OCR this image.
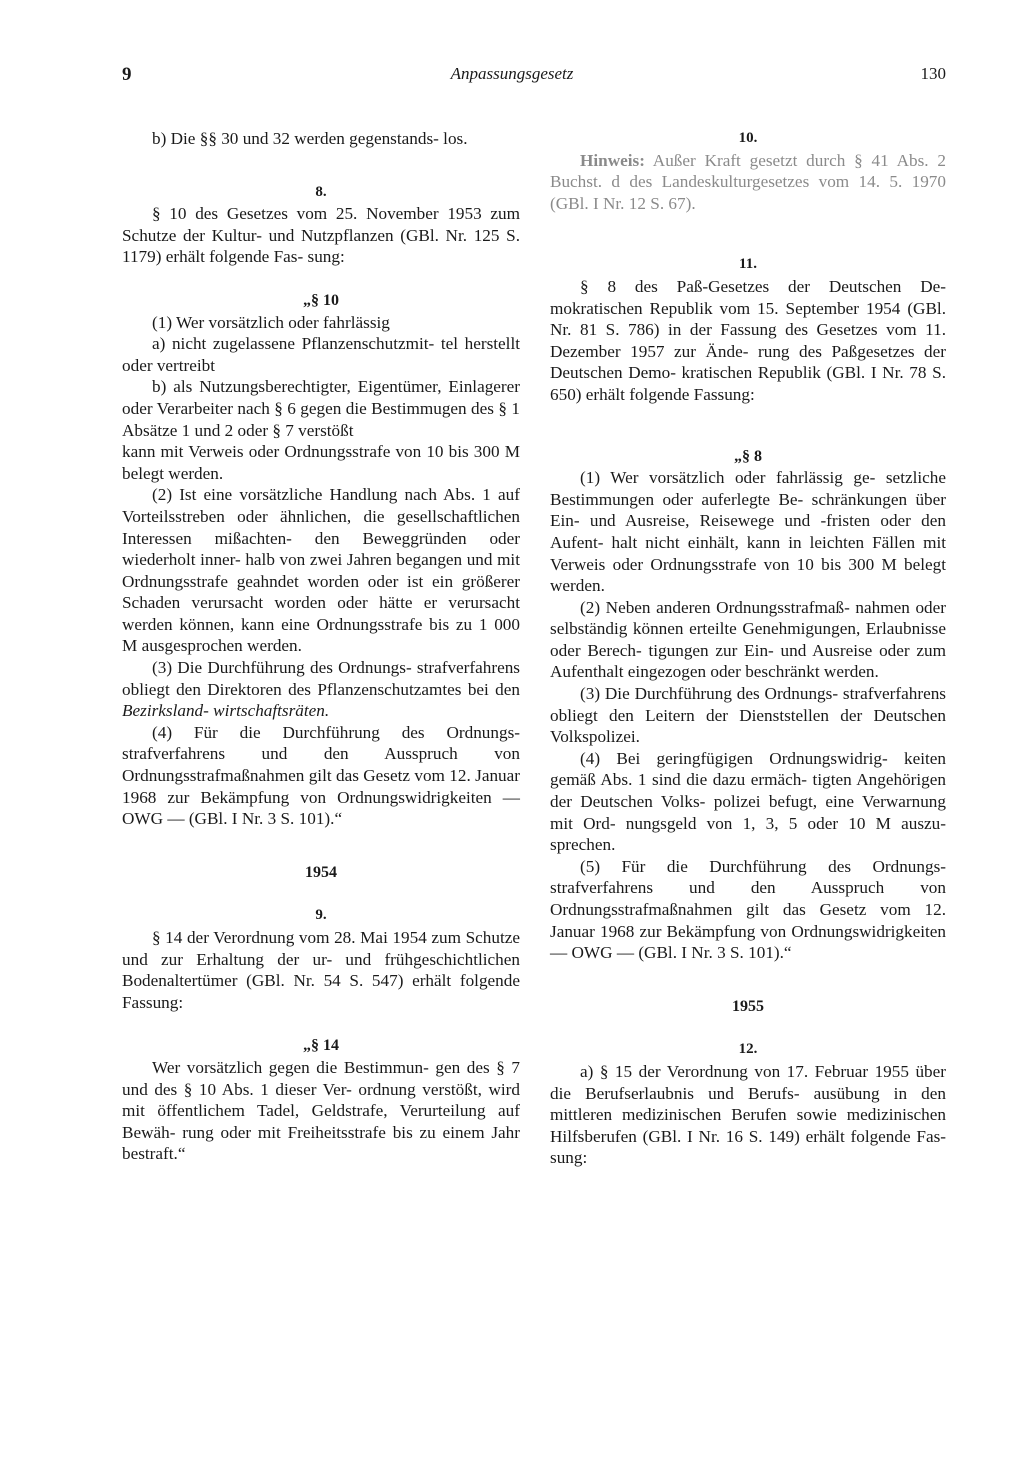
9	Anpassungsgesetz	130

b) Die §§ 30 und 32 werden gegenstands- los.

8.

§ 10 des Gesetzes vom 25. November 1953 zum Schutze der Kultur- und Nutzpflanzen (GBl. Nr. 125 S. 1179) erhält folgende Fas- sung:

„§ 10

(1) Wer vorsätzlich oder fahrlässig

a) nicht zugelassene Pflanzenschutzmit- tel herstellt oder vertreibt

b) als Nutzungsberechtigter, Eigentümer, Einlagerer oder Verarbeiter nach § 6 gegen die Bestimmugen des § 1 Absätze 1 und 2 oder § 7 verstößt

kann mit Verweis oder Ordnungsstrafe von 10 bis 300 M belegt werden.

(2) Ist eine vorsätzliche Handlung nach Abs. 1 auf Vorteilsstreben oder ähnlichen, die gesellschaftlichen Interessen mißachten- den Beweggründen oder wiederholt inner- halb von zwei Jahren begangen und mit Ordnungsstrafe geahndet worden oder ist ein größerer Schaden verursacht worden oder hätte er verursacht werden können, kann eine Ordnungsstrafe bis zu 1 000 M ausgesprochen werden.

(3) Die Durchführung des Ordnungs- strafverfahrens obliegt den Direktoren des Pflanzenschutzamtes bei den Bezirksland- wirtschaftsräten.

(4) Für die Durchführung des Ordnungs- strafverfahrens und den Ausspruch von Ordnungsstrafmaßnahmen gilt das Gesetz vom 12. Januar 1968 zur Bekämpfung von Ordnungswidrigkeiten — OWG — (GBl. I Nr. 3 S. 101).“

1954

9.

§ 14 der Verordnung vom 28. Mai 1954 zum Schutze und zur Erhaltung der ur- und frühgeschichtlichen Bodenaltertümer (GBl. Nr. 54 S. 547) erhält folgende Fassung:

„§ 14

Wer vorsätzlich gegen die Bestimmun- gen des § 7 und des § 10 Abs. 1 dieser Ver- ordnung verstößt, wird mit öffentlichem Tadel, Geldstrafe, Verurteilung auf Bewäh- rung oder mit Freiheitsstrafe bis zu einem Jahr bestraft.“

10.

Hinweis: Außer Kraft gesetzt durch § 41 Abs. 2 Buchst. d des Landeskulturgesetzes vom 14. 5. 1970 (GBl. I Nr. 12 S. 67).

11.

§ 8 des Paß-Gesetzes der Deutschen De- mokratischen Republik vom 15. September 1954 (GBl. Nr. 81 S. 786) in der Fassung des Gesetzes vom 11. Dezember 1957 zur Ände- rung des Paßgesetzes der Deutschen Demo- kratischen Republik (GBl. I Nr. 78 S. 650) erhält folgende Fassung:

„§ 8

(1) Wer vorsätzlich oder fahrlässig ge- setzliche Bestimmungen oder auferlegte Be- schränkungen über Ein- und Ausreise, Reisewege und -fristen oder den Aufent- halt nicht einhält, kann in leichten Fällen mit Verweis oder Ordnungsstrafe von 10 bis 300 M belegt werden.

(2) Neben anderen Ordnungsstrafmaß- nahmen oder selbständig können erteilte Genehmigungen, Erlaubnisse oder Berech- tigungen zur Ein- und Ausreise oder zum Aufenthalt eingezogen oder beschränkt werden.

(3) Die Durchführung des Ordnungs- strafverfahrens obliegt den Leitern der Dienststellen der Deutschen Volkspolizei.

(4) Bei geringfügigen Ordnungswidrig- keiten gemäß Abs. 1 sind die dazu ermäch- tigten Angehörigen der Deutschen Volks- polizei befugt, eine Verwarnung mit Ord- nungsgeld von 1, 3, 5 oder 10 M auszu- sprechen.

(5) Für die Durchführung des Ordnungs- strafverfahrens und den Ausspruch von Ordnungsstrafmaßnahmen gilt das Gesetz vom 12. Januar 1968 zur Bekämpfung von Ordnungswidrigkeiten — OWG — (GBl. I Nr. 3 S. 101).“

1955

12.

a) § 15 der Verordnung von 17. Februar 1955 über die Berufserlaubnis und Berufs- ausübung in den mittleren medizinischen Berufen sowie medizinischen Hilfsberufen (GBl. I Nr. 16 S. 149) erhält folgende Fas- sung:
